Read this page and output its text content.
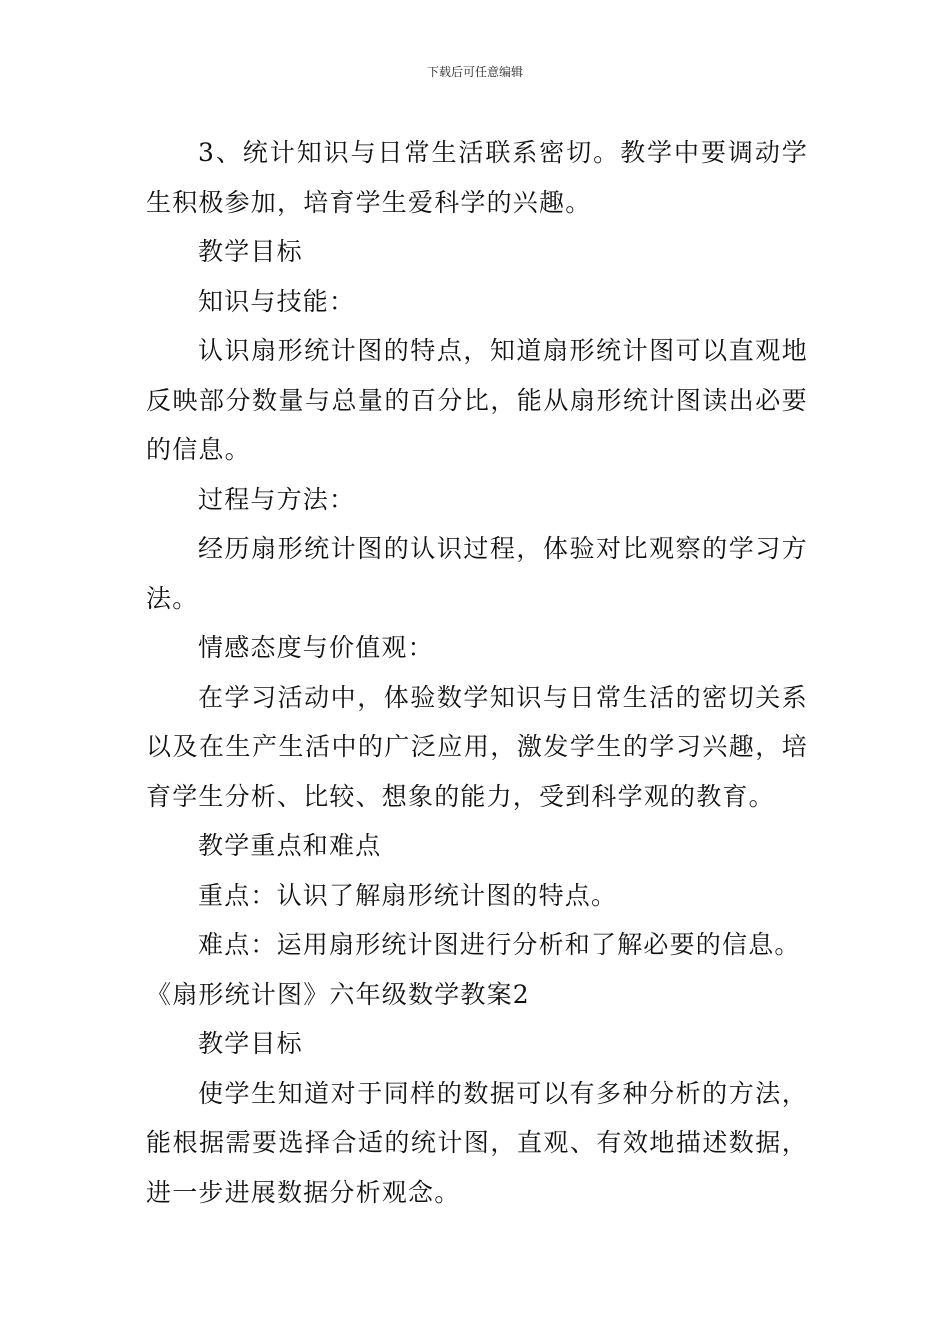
下载后可任意编辑

3、统计知识与日常生活联系密切。教学中要调动学生积极参加，培育学生爱科学的兴趣。

教学目标

知识与技能：

认识扇形统计图的特点，知道扇形统计图可以直观地反映部分数量与总量的百分比，能从扇形统计图读出必要的信息。

过程与方法：

经历扇形统计图的认识过程，体验对比观察的学习方法。

情感态度与价值观：

在学习活动中，体验数学知识与日常生活的密切关系以及在生产生活中的广泛应用，激发学生的学习兴趣，培育学生分析、比较、想象的能力，受到科学观的教育。

教学重点和难点

重点：认识了解扇形统计图的特点。

难点：运用扇形统计图进行分析和了解必要的信息。

《扇形统计图》六年级数学教案2

教学目标

使学生知道对于同样的数据可以有多种分析的方法，能根据需要选择合适的统计图，直观、有效地描述数据，进一步进展数据分析观念。
